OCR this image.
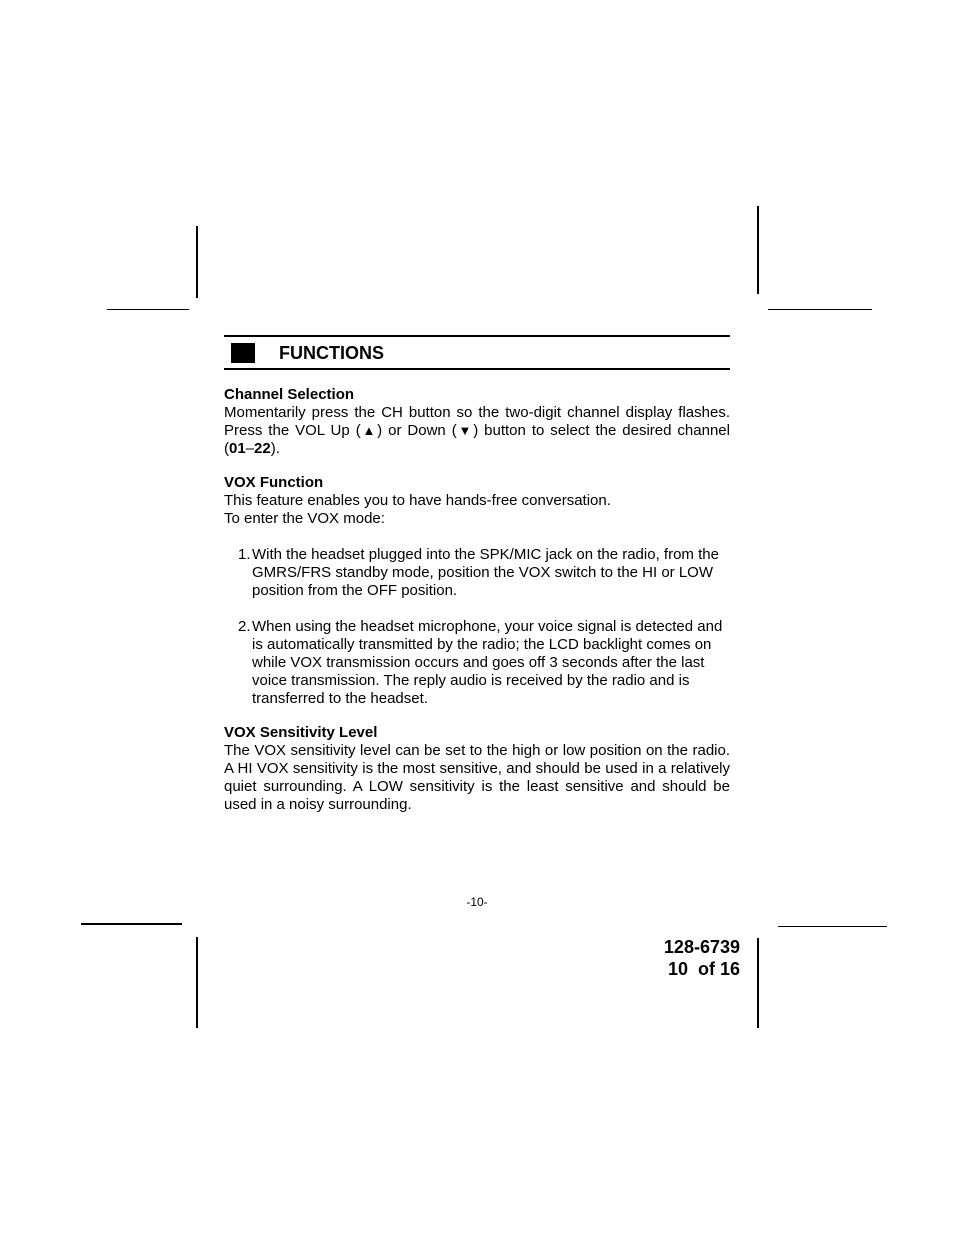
FUNCTIONS
Channel Selection

Momentarily press the CH button so the two-digit channel display flashes. Press the VOL Up (▲) or Down (▼) button to select the desired channel (01–22).

VOX Function

This feature enables you to have hands-free conversation.

To enter the VOX mode:

1. With the headset plugged into the SPK/MIC jack on the radio, from the GMRS/FRS standby mode, position the VOX switch to the HI or LOW position from the OFF position.
2. When using the headset microphone, your voice signal is detected and is automatically transmitted by the radio; the LCD backlight comes on while VOX transmission occurs and goes off 3 seconds after the last voice transmission. The reply audio is received by the radio and is transferred to the headset.
VOX Sensitivity Level

The VOX sensitivity level can be set to the high or low position on the radio. A HI VOX sensitivity is the most sensitive, and should be used in a relatively quiet surrounding. A LOW sensitivity is the least sensitive and should be used in a noisy surrounding.

-10-
128-6739
10  of 16
